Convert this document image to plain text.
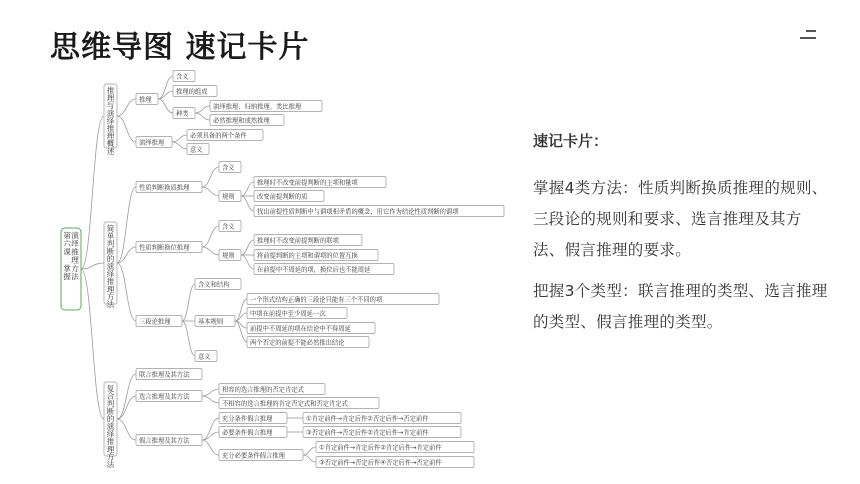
思维导图 速记卡片
第
六
课
掌
握
演
绎
推
理
方
法
推
理
与
演
绎
推
理
概
述
简
单
判
断
的
演
绎
推
理
方
法
复
合
判
断
的
演
绎
推
理
方
法
推理
含义
推理的组成
种类
演绎推理、归纳推理、类比推理
必然推理和或然推理
演绎推理
必须具备的两个条件
意义
性质判断换质推理
含义
规则
推理时不改变前提判断的主项和量项
改变前提判断的质
找出前提性质判断中与谓项相矛盾的概念，用它作为结论性质判断的谓项
性质判断换位推理
含义
规则
推理时不改变前提判断的联项
将前提判断的主项和谓项的位置互换
在前提中不周延的项，换位后也不能周延
三段论推理
含义和结构
基本规则
一个形式结构正确的三段论只能有三个不同的项
中项在前提中至少周延一次
前提中不周延的项在结论中不得周延
两个否定的前提不能必然推出结论
意义
联言推理及其方法
选言推理及其方法
相容的选言推理的否定肯定式
不相容的选言推理的肯定否定式和否定肯定式
假言推理及其方法
充分条件假言推理	①肯定前件→肯定后件②否定后件→否定前件
必要条件假言推理	③否定前件→否定后件②肯定后件→肯定前件
充分必要条件假言推理
①肯定前件→肯定后件②肯定后件→肯定前件
③否定前件→否定后件④否定后件→否定前件
速记卡片：

掌握4类方法：性质判断换质推理的规则、三段论的规则和要求、选言推理及其方法、假言推理的要求。

把握3个类型：联言推理的类型、选言推理的类型、假言推理的类型。
